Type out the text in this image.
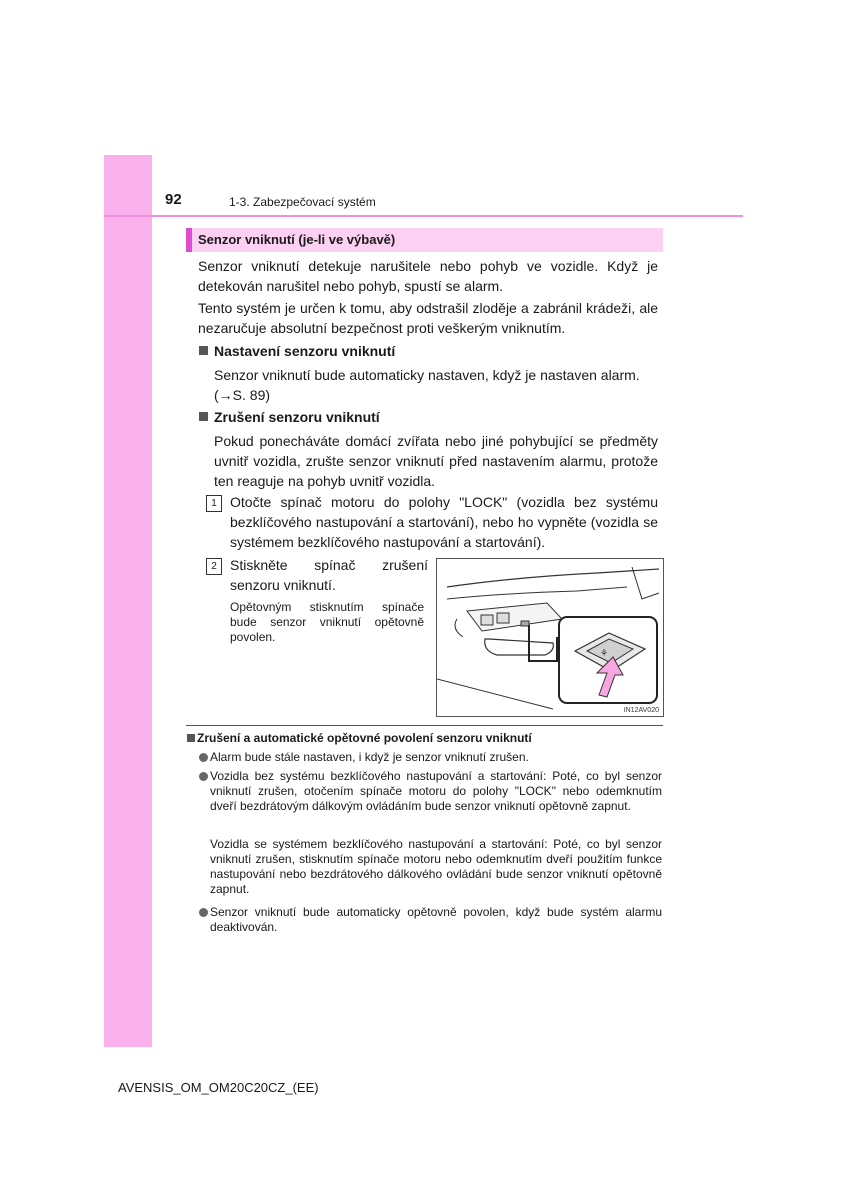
92	1-3. Zabezpečovací systém
Senzor vniknutí (je-li ve výbavě)
Senzor vniknutí detekuje narušitele nebo pohyb ve vozidle. Když je detekován narušitel nebo pohyb, spustí se alarm.
Tento systém je určen k tomu, aby odstrašil zloděje a zabránil krádeži, ale nezaručuje absolutní bezpečnost proti veškerým vniknutím.
Nastavení senzoru vniknutí
Senzor vniknutí bude automaticky nastaven, když je nastaven alarm.
(→S. 89)
Zrušení senzoru vniknutí
Pokud ponecháváte domácí zvířata nebo jiné pohybující se předměty uvnitř vozidla, zrušte senzor vniknutí před nastavením alarmu, protože ten reaguje na pohyb uvnitř vozidla.
1 Otočte spínač motoru do polohy "LOCK" (vozidla bez systému bezklíčového nastupování a startování), nebo ho vypněte (vozidla se systémem bezklíčového nastupování a startování).
2 Stiskněte spínač zrušení senzoru vniknutí.
Opětovným stisknutím spínače bude senzor vniknutí opětovně povolen.
⚘
IN12AV020
Zrušení a automatické opětovné povolení senzoru vniknutí
Alarm bude stále nastaven, i když je senzor vniknutí zrušen.
Vozidla bez systému bezklíčového nastupování a startování: Poté, co byl senzor vniknutí zrušen, otočením spínače motoru do polohy "LOCK" nebo odemknutím dveří bezdrátovým dálkovým ovládáním bude senzor vniknutí opětovně zapnut.
Vozidla se systémem bezklíčového nastupování a startování: Poté, co byl senzor vniknutí zrušen, stisknutím spínače motoru nebo odemknutím dveří použitím funkce nastupování nebo bezdrátového dálkového ovládání bude senzor vniknutí opětovně zapnut.
Senzor vniknutí bude automaticky opětovně povolen, když bude systém alarmu deaktivován.
AVENSIS_OM_OM20C20CZ_(EE)
